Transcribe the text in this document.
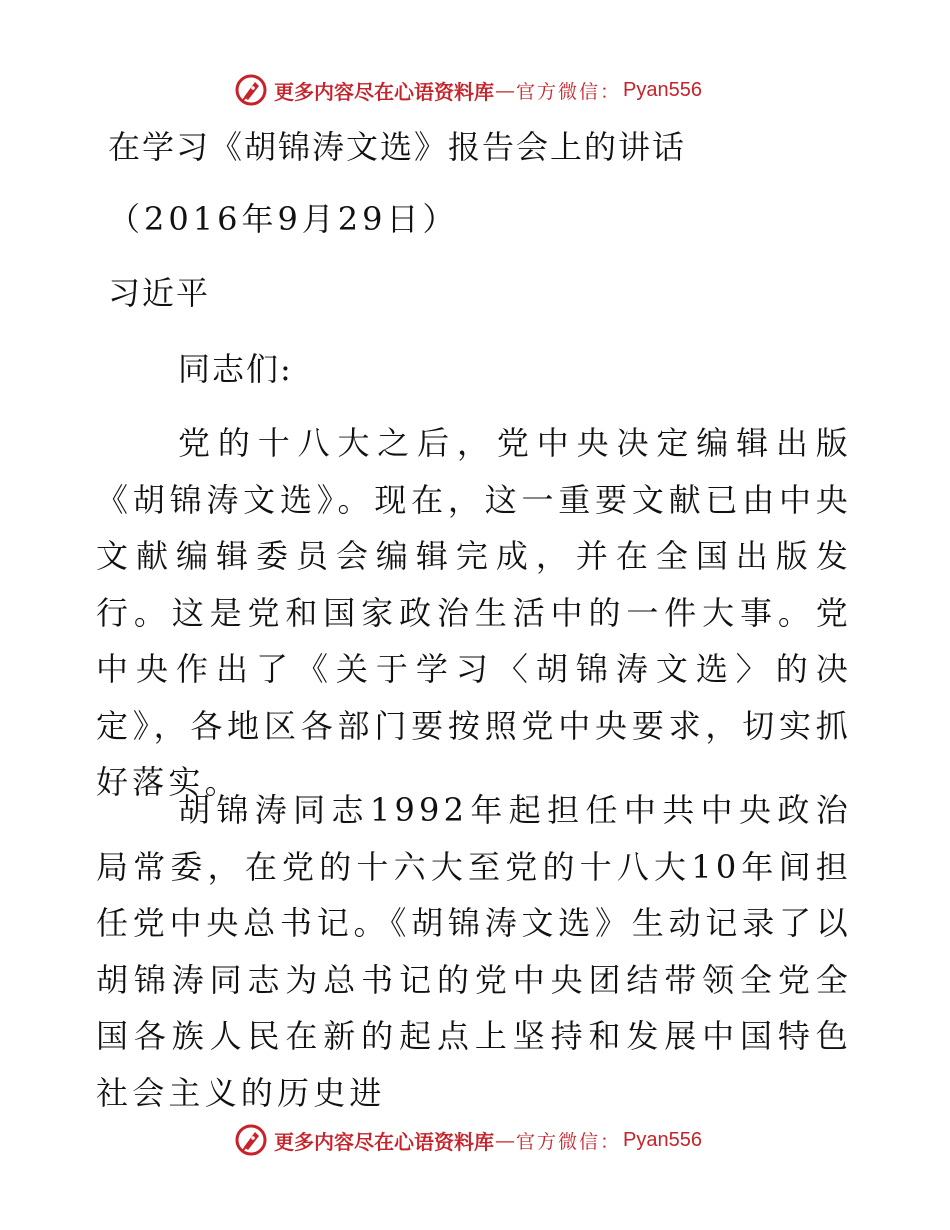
更多内容尽在心语资料库 — 官方微信： Pyan556
在学习《胡锦涛文选》报告会上的讲话
（2016年9月29日）
习近平
同志们:

党的十八大之后，党中央决定编辑出版《胡锦涛文选》。现在，这一重要文献已由中央文献编辑委员会编辑完成，并在全国出版发行。这是党和国家政治生活中的一件大事。党中央作出了《关于学习〈胡锦涛文选〉的决定》，各地区各部门要按照党中央要求，切实抓好落实。

胡锦涛同志1992年起担任中共中央政治局常委，在党的十六大至党的十八大10年间担任党中央总书记。《胡锦涛文选》生动记录了以胡锦涛同志为总书记的党中央团结带领全党全国各族人民在新的起点上坚持和发展中国特色社会主义的历史进

更多内容尽在心语资料库 — 官方微信： Pyan556
